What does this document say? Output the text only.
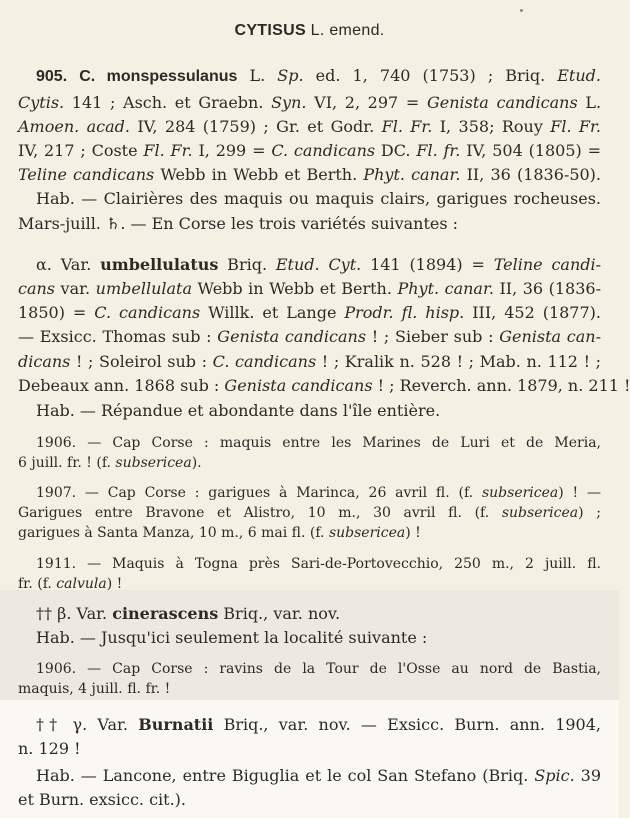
CYTISUS L. emend.
905. C. monspessulanus L. Sp. ed. 1, 740 (1753) ; Briq. Etud.
Cytis. 141 ; Asch. et Graebn. Syn. VI, 2, 297 = Genista candicans L.
Amoen. acad. IV, 284 (1759) ; Gr. et Godr. Fl. Fr. I, 358; Rouy Fl. Fr.
IV, 217 ; Coste Fl. Fr. I, 299 = C. candicans DC. Fl. fr. IV, 504 (1805) =
Teline candicans Webb in Webb et Berth. Phyt. canar. II, 36 (1836-50).
Hab. — Clairières des maquis ou maquis clairs, garigues rocheuses.
Mars-juill. ♄. — En Corse les trois variétés suivantes :
α. Var. umbellulatus Briq. Etud. Cyt. 141 (1894) = Teline candi-
cans var. umbellulata Webb in Webb et Berth. Phyt. canar. II, 36 (1836-
1850) = C. candicans Willk. et Lange Prodr. fl. hisp. III, 452 (1877).
— Exsicc. Thomas sub : Genista candicans ! ; Sieber sub : Genista can-
dicans ! ; Soleirol sub : C. candicans ! ; Kralik n. 528 ! ; Mab. n. 112 ! ;
Debeaux ann. 1868 sub : Genista candicans ! ; Reverch. ann. 1879, n. 211 !
Hab. — Répandue et abondante dans l'île entière.
1906. — Cap Corse : maquis entre les Marines de Luri et de Meria,
6 juill. fr. ! (f. subsericea).
1907. — Cap Corse : garigues à Marinca, 26 avril fl. (f. subsericea) ! —
Garigues entre Bravone et Alistro, 10 m., 30 avril fl. (f. subsericea) ;
garigues à Santa Manza, 10 m., 6 mai fl. (f. subsericea) !
1911. — Maquis à Togna près Sari-de-Portovecchio, 250 m., 2 juill. fl.
fr. (f. calvula) !
†† β. Var. cinerascens Briq., var. nov.
Hab. — Jusqu'ici seulement la localité suivante :
1906. — Cap Corse : ravins de la Tour de l'Osse au nord de Bastia,
maquis, 4 juill. fl. fr. !
†† γ. Var. Burnatii Briq., var. nov. — Exsicc. Burn. ann. 1904,
n. 129 !
Hab. — Lancone, entre Biguglia et le col San Stefano (Briq. Spic. 39
et Burn. exsicc. cit.).
